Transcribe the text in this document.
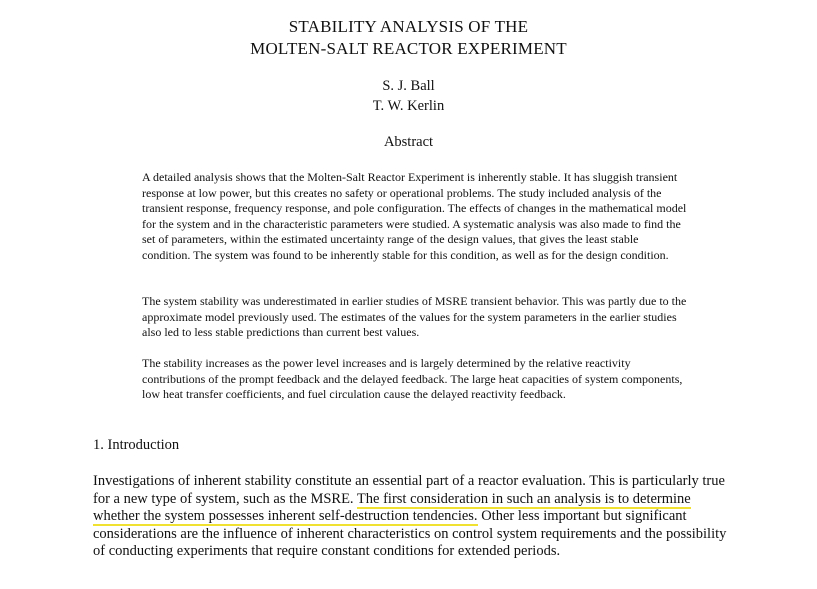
STABILITY ANALYSIS OF THE
MOLTEN-SALT REACTOR EXPERIMENT
S. J. Ball
T. W. Kerlin
Abstract
A detailed analysis shows that the Molten-Salt Reactor Experiment is inherently stable. It has sluggish transient response at low power, but this creates no safety or operational problems. The study included analysis of the transient response, frequency response, and pole configuration. The effects of changes in the mathematical model for the system and in the characteristic parameters were studied. A systematic analysis was also made to find the set of parameters, within the estimated uncertainty range of the design values, that gives the least stable condition. The system was found to be inherently stable for this condition, as well as for the design condition.
The system stability was underestimated in earlier studies of MSRE transient behavior. This was partly due to the approximate model previously used. The estimates of the values for the system parameters in the earlier studies also led to less stable predictions than current best values.
The stability increases as the power level increases and is largely determined by the relative reactivity contributions of the prompt feedback and the delayed feedback. The large heat capacities of system components, low heat transfer coefficients, and fuel circulation cause the delayed reactivity feedback.
1. Introduction
Investigations of inherent stability constitute an essential part of a reactor evaluation. This is particularly true for a new type of system, such as the MSRE. The first consideration in such an analysis is to determine whether the system possesses inherent self-destruction tendencies. Other less important but significant considerations are the influence of inherent characteristics on control system requirements and the possibility of conducting experiments that require constant conditions for extended periods.
